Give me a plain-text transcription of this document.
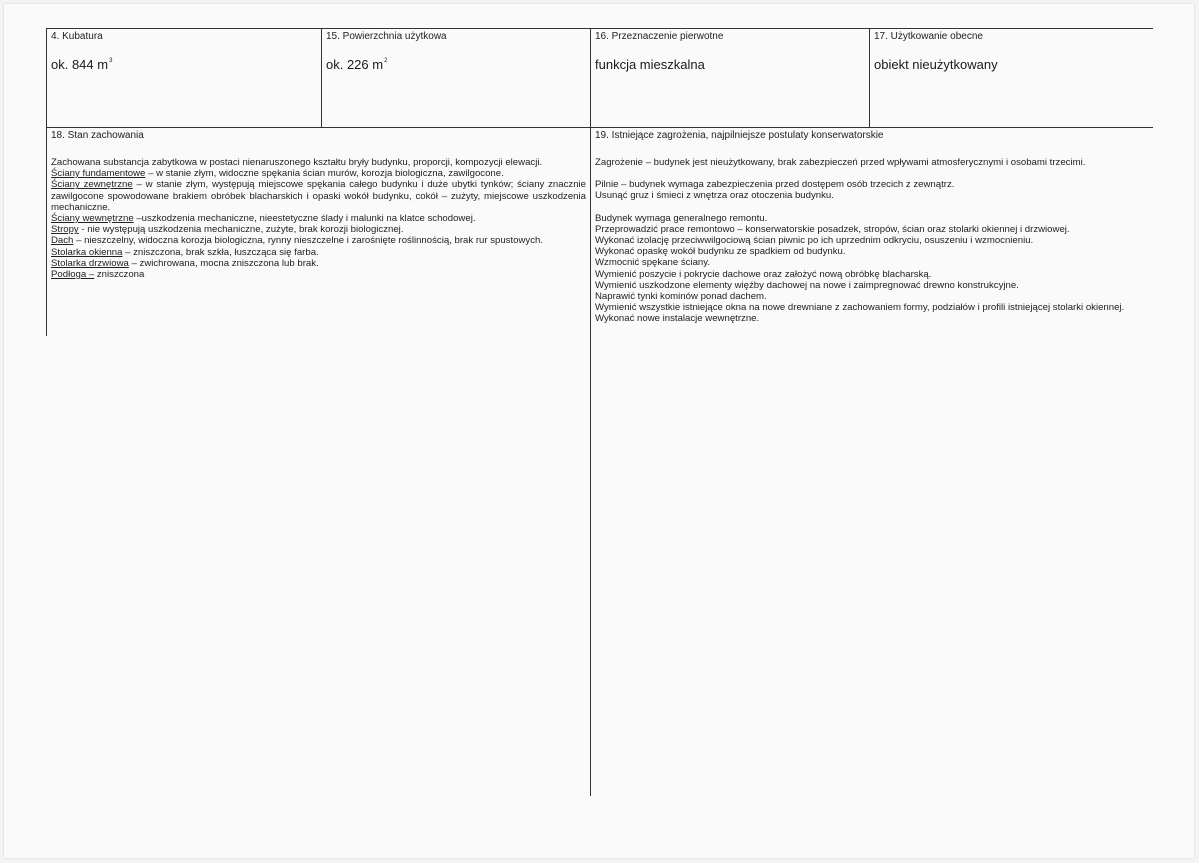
4. Kubatura
ok. 844 $m^3$
15. Powierzchnia użytkowa
ok. 226 $m^2$
16. Przeznaczenie pierwotne
funkcja mieszkalna
17. Użytkowanie obecne
obiekt nieużytkowany
18. Stan zachowania

Zachowana substancja zabytkowa w postaci nienaruszonego kształtu bryły budynku, proporcji, kompozycji elewacji.

Ściany fundamentowe – w stanie złym, widoczne spękania ścian murów, korozja biologiczna, zawilgocone.

Ściany zewnętrzne – w stanie złym, występują miejscowe spękania całego budynku i duże ubytki tynków; ściany znacznie zawilgocone spowodowane brakiem obróbek blacharskich i opaski wokół budynku, cokół – zużyty, miejscowe uszkodzenia mechaniczne.

Ściany wewnętrzne –uszkodzenia mechaniczne, nieestetyczne ślady i malunki na klatce schodowej.

Stropy - nie występują uszkodzenia mechaniczne, zużyte, brak korozji biologicznej.

Dach – nieszczelny, widoczna korozja biologiczna, rynny nieszczelne i zarośnięte roślinnością, brak rur spustowych.

Stolarka okienna – zniszczona, brak szkła, łuszcząca się farba.

Stolarka drzwiowa – zwichrowana, mocna zniszczona lub brak.

Podłoga – zniszczona

19. Istniejące zagrożenia, najpilniejsze postulaty konserwatorskie

Zagrożenie – budynek jest nieużytkowany, brak zabezpieczeń przed wpływami atmosferycznymi i osobami trzecimi.

Pilnie – budynek wymaga zabezpieczenia przed dostępem osób trzecich z zewnątrz.

Usunąć gruz i śmieci z wnętrza oraz otoczenia budynku.

Budynek wymaga generalnego remontu.

Przeprowadzić prace remontowo – konserwatorskie posadzek, stropów, ścian oraz stolarki okiennej i drzwiowej.

Wykonać izolację przeciwwilgociową ścian piwnic po ich uprzednim odkryciu, osuszeniu i wzmocnieniu.

Wykonać opaskę wokół budynku ze spadkiem od budynku.

Wzmocnić spękane ściany.

Wymienić poszycie i pokrycie dachowe oraz założyć nową obróbkę blacharską.

Wymienić uszkodzone elementy więźby dachowej na nowe i zaimpregnować drewno konstrukcyjne.

Naprawić tynki kominów ponad dachem.

Wymienić wszystkie istniejące okna na nowe drewniane z zachowaniem formy, podziałów i profili istniejącej stolarki okiennej.

Wykonać nowe instalacje wewnętrzne.
